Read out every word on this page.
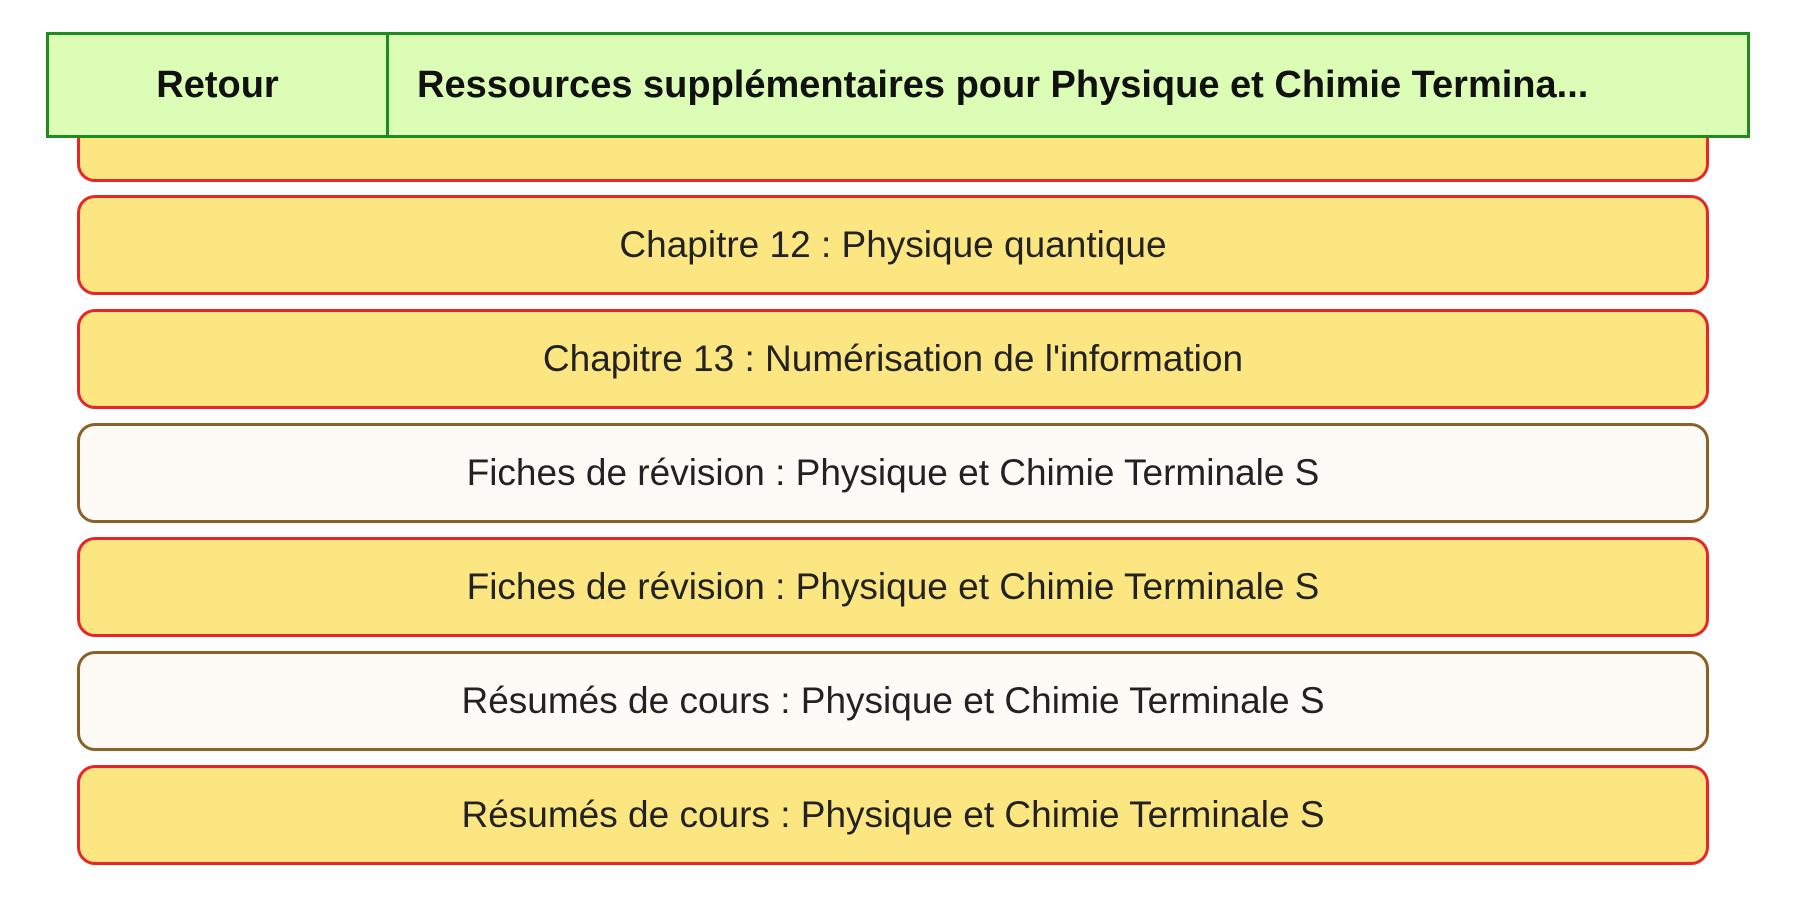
Chapitre 12 : Physique quantique
Chapitre 13 : Numérisation de l'information
Fiches de révision : Physique et Chimie Terminale S
Fiches de révision : Physique et Chimie Terminale S
Résumés de cours : Physique et Chimie Terminale S
Résumés de cours : Physique et Chimie Terminale S
Retour	Ressources supplémentaires pour Physique et Chimie Termina...
